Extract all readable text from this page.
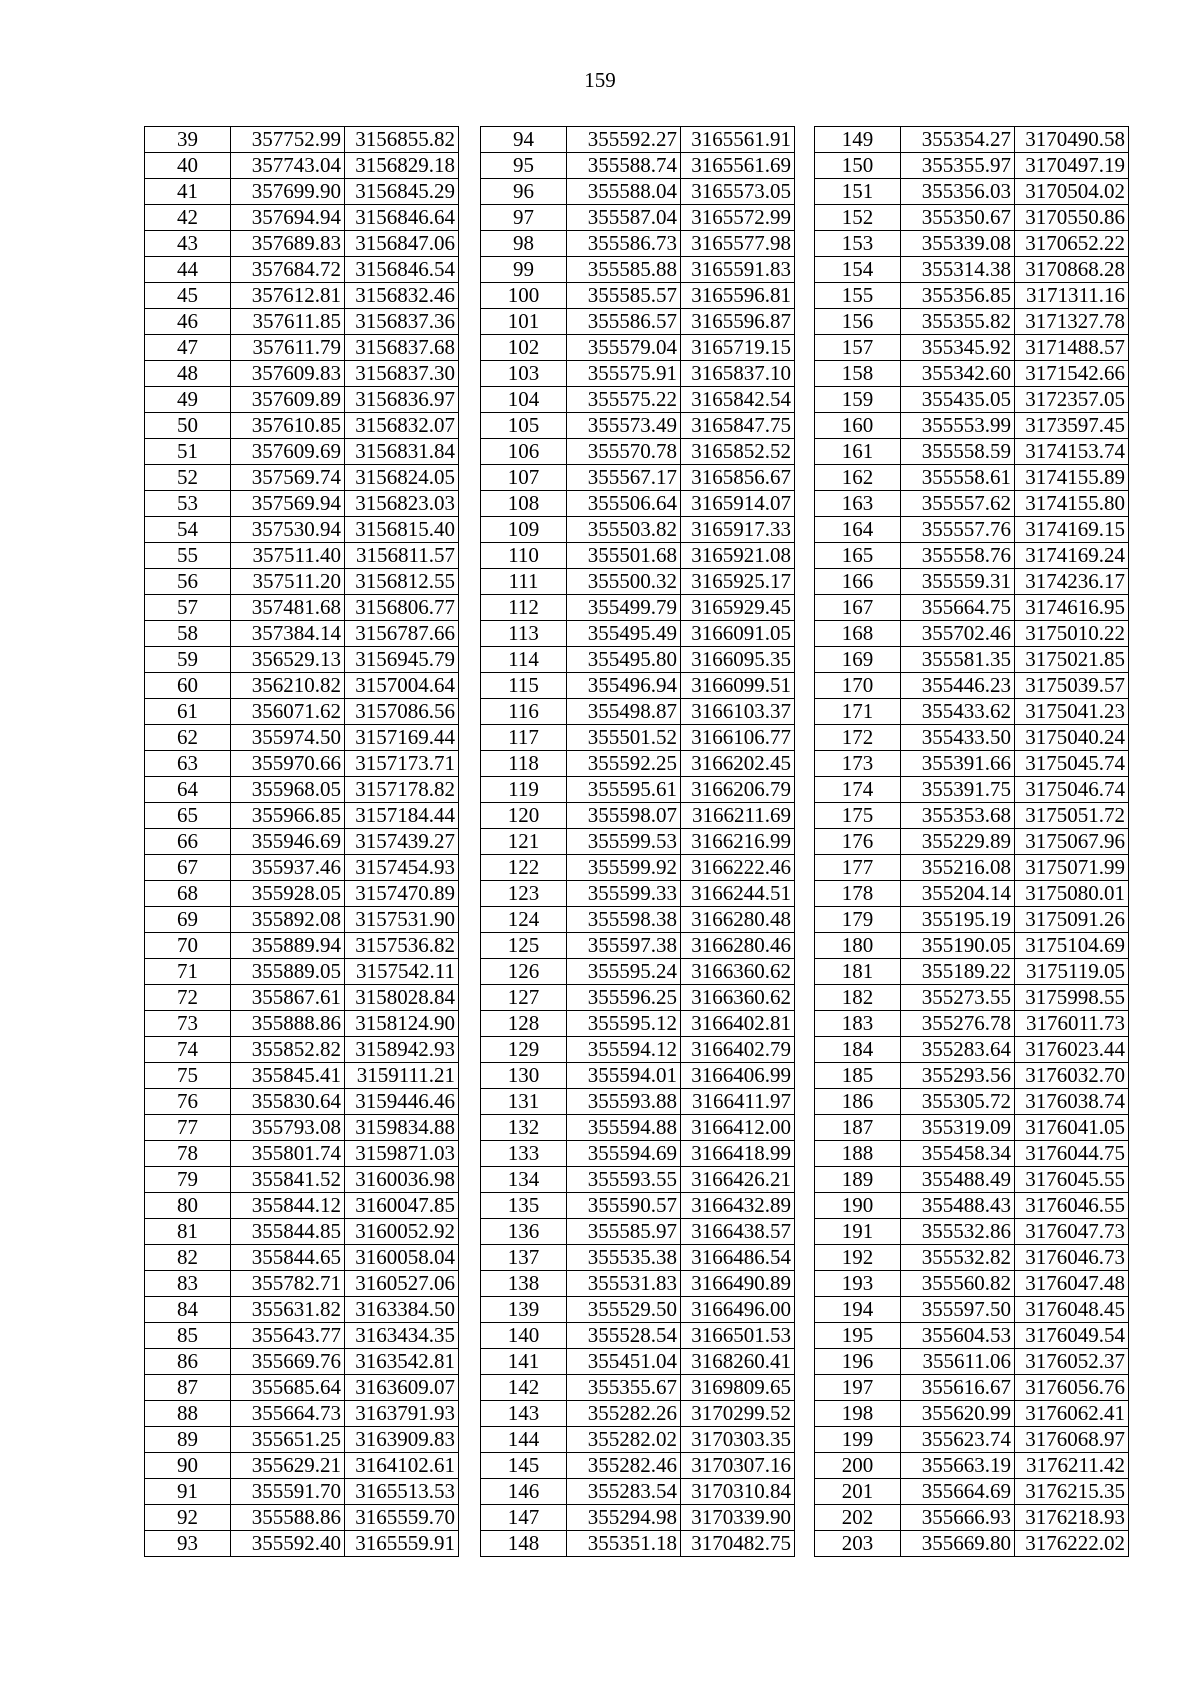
159
39	357752.99	3156855.82
40	357743.04	3156829.18
41	357699.90	3156845.29
42	357694.94	3156846.64
43	357689.83	3156847.06
44	357684.72	3156846.54
45	357612.81	3156832.46
46	357611.85	3156837.36
47	357611.79	3156837.68
48	357609.83	3156837.30
49	357609.89	3156836.97
50	357610.85	3156832.07
51	357609.69	3156831.84
52	357569.74	3156824.05
53	357569.94	3156823.03
54	357530.94	3156815.40
55	357511.40	3156811.57
56	357511.20	3156812.55
57	357481.68	3156806.77
58	357384.14	3156787.66
59	356529.13	3156945.79
60	356210.82	3157004.64
61	356071.62	3157086.56
62	355974.50	3157169.44
63	355970.66	3157173.71
64	355968.05	3157178.82
65	355966.85	3157184.44
66	355946.69	3157439.27
67	355937.46	3157454.93
68	355928.05	3157470.89
69	355892.08	3157531.90
70	355889.94	3157536.82
71	355889.05	3157542.11
72	355867.61	3158028.84
73	355888.86	3158124.90
74	355852.82	3158942.93
75	355845.41	3159111.21
76	355830.64	3159446.46
77	355793.08	3159834.88
78	355801.74	3159871.03
79	355841.52	3160036.98
80	355844.12	3160047.85
81	355844.85	3160052.92
82	355844.65	3160058.04
83	355782.71	3160527.06
84	355631.82	3163384.50
85	355643.77	3163434.35
86	355669.76	3163542.81
87	355685.64	3163609.07
88	355664.73	3163791.93
89	355651.25	3163909.83
90	355629.21	3164102.61
91	355591.70	3165513.53
92	355588.86	3165559.70
93	355592.40	3165559.91
94	355592.27	3165561.91
95	355588.74	3165561.69
96	355588.04	3165573.05
97	355587.04	3165572.99
98	355586.73	3165577.98
99	355585.88	3165591.83
100	355585.57	3165596.81
101	355586.57	3165596.87
102	355579.04	3165719.15
103	355575.91	3165837.10
104	355575.22	3165842.54
105	355573.49	3165847.75
106	355570.78	3165852.52
107	355567.17	3165856.67
108	355506.64	3165914.07
109	355503.82	3165917.33
110	355501.68	3165921.08
111	355500.32	3165925.17
112	355499.79	3165929.45
113	355495.49	3166091.05
114	355495.80	3166095.35
115	355496.94	3166099.51
116	355498.87	3166103.37
117	355501.52	3166106.77
118	355592.25	3166202.45
119	355595.61	3166206.79
120	355598.07	3166211.69
121	355599.53	3166216.99
122	355599.92	3166222.46
123	355599.33	3166244.51
124	355598.38	3166280.48
125	355597.38	3166280.46
126	355595.24	3166360.62
127	355596.25	3166360.62
128	355595.12	3166402.81
129	355594.12	3166402.79
130	355594.01	3166406.99
131	355593.88	3166411.97
132	355594.88	3166412.00
133	355594.69	3166418.99
134	355593.55	3166426.21
135	355590.57	3166432.89
136	355585.97	3166438.57
137	355535.38	3166486.54
138	355531.83	3166490.89
139	355529.50	3166496.00
140	355528.54	3166501.53
141	355451.04	3168260.41
142	355355.67	3169809.65
143	355282.26	3170299.52
144	355282.02	3170303.35
145	355282.46	3170307.16
146	355283.54	3170310.84
147	355294.98	3170339.90
148	355351.18	3170482.75
149	355354.27	3170490.58
150	355355.97	3170497.19
151	355356.03	3170504.02
152	355350.67	3170550.86
153	355339.08	3170652.22
154	355314.38	3170868.28
155	355356.85	3171311.16
156	355355.82	3171327.78
157	355345.92	3171488.57
158	355342.60	3171542.66
159	355435.05	3172357.05
160	355553.99	3173597.45
161	355558.59	3174153.74
162	355558.61	3174155.89
163	355557.62	3174155.80
164	355557.76	3174169.15
165	355558.76	3174169.24
166	355559.31	3174236.17
167	355664.75	3174616.95
168	355702.46	3175010.22
169	355581.35	3175021.85
170	355446.23	3175039.57
171	355433.62	3175041.23
172	355433.50	3175040.24
173	355391.66	3175045.74
174	355391.75	3175046.74
175	355353.68	3175051.72
176	355229.89	3175067.96
177	355216.08	3175071.99
178	355204.14	3175080.01
179	355195.19	3175091.26
180	355190.05	3175104.69
181	355189.22	3175119.05
182	355273.55	3175998.55
183	355276.78	3176011.73
184	355283.64	3176023.44
185	355293.56	3176032.70
186	355305.72	3176038.74
187	355319.09	3176041.05
188	355458.34	3176044.75
189	355488.49	3176045.55
190	355488.43	3176046.55
191	355532.86	3176047.73
192	355532.82	3176046.73
193	355560.82	3176047.48
194	355597.50	3176048.45
195	355604.53	3176049.54
196	355611.06	3176052.37
197	355616.67	3176056.76
198	355620.99	3176062.41
199	355623.74	3176068.97
200	355663.19	3176211.42
201	355664.69	3176215.35
202	355666.93	3176218.93
203	355669.80	3176222.02
